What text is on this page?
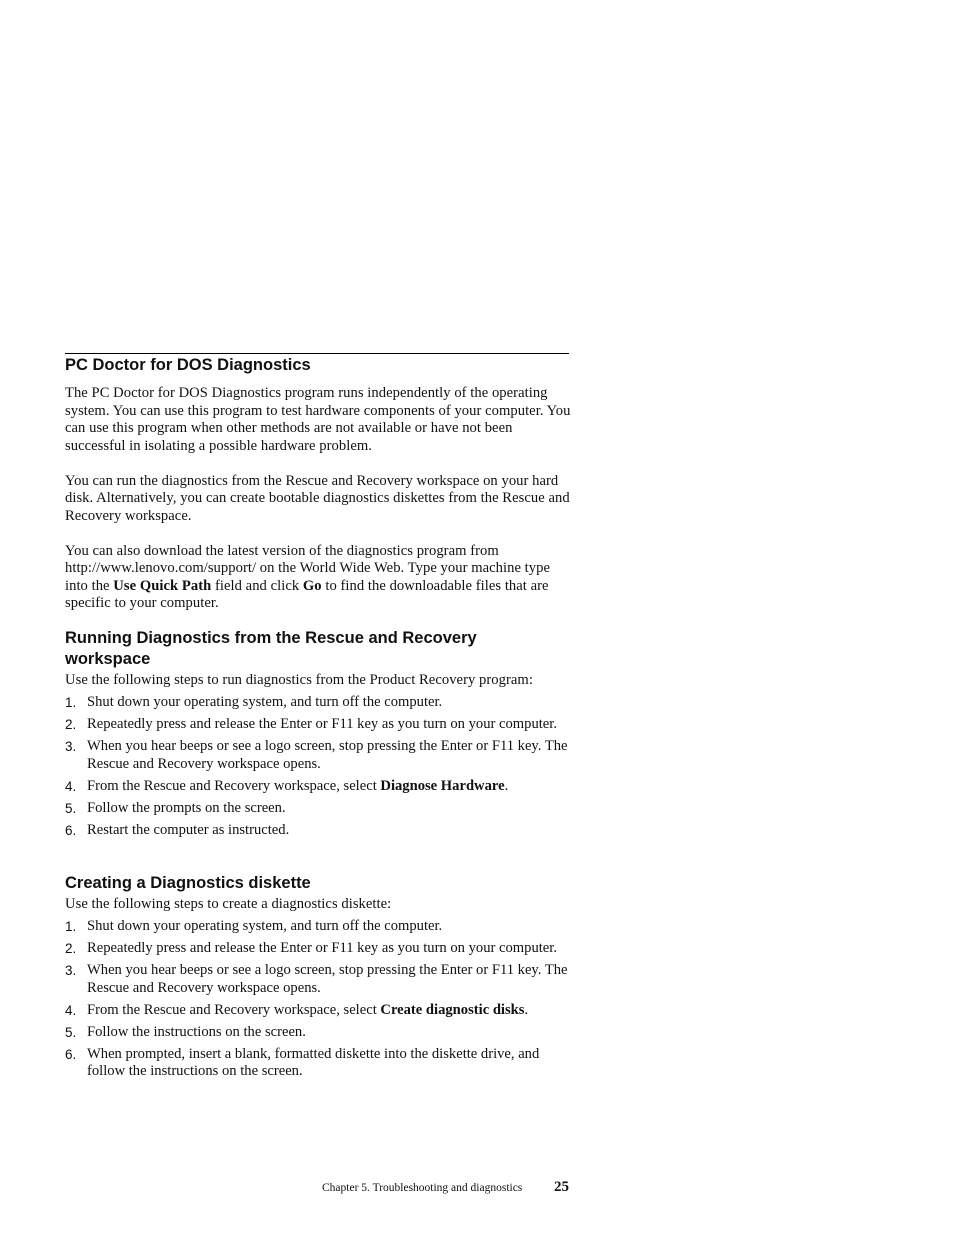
PC Doctor for DOS Diagnostics

The PC Doctor for DOS Diagnostics program runs independently of the operating system. You can use this program to test hardware components of your computer. You can use this program when other methods are not available or have not been successful in isolating a possible hardware problem.

You can run the diagnostics from the Rescue and Recovery workspace on your hard disk. Alternatively, you can create bootable diagnostics diskettes from the Rescue and Recovery workspace.

You can also download the latest version of the diagnostics program from http://www.lenovo.com/support/ on the World Wide Web. Type your machine type into the Use Quick Path field and click Go to find the downloadable files that are specific to your computer.

Running Diagnostics from the Rescue and Recovery workspace

Use the following steps to run diagnostics from the Product Recovery program:

1. Shut down your operating system, and turn off the computer.
2. Repeatedly press and release the Enter or F11 key as you turn on your computer.
3. When you hear beeps or see a logo screen, stop pressing the Enter or F11 key. The Rescue and Recovery workspace opens.
4. From the Rescue and Recovery workspace, select Diagnose Hardware.
5. Follow the prompts on the screen.
6. Restart the computer as instructed.
Creating a Diagnostics diskette

Use the following steps to create a diagnostics diskette:

1. Shut down your operating system, and turn off the computer.
2. Repeatedly press and release the Enter or F11 key as you turn on your computer.
3. When you hear beeps or see a logo screen, stop pressing the Enter or F11 key. The Rescue and Recovery workspace opens.
4. From the Rescue and Recovery workspace, select Create diagnostic disks.
5. Follow the instructions on the screen.
6. When prompted, insert a blank, formatted diskette into the diskette drive, and follow the instructions on the screen.
Chapter 5. Troubleshooting and diagnostics 25
